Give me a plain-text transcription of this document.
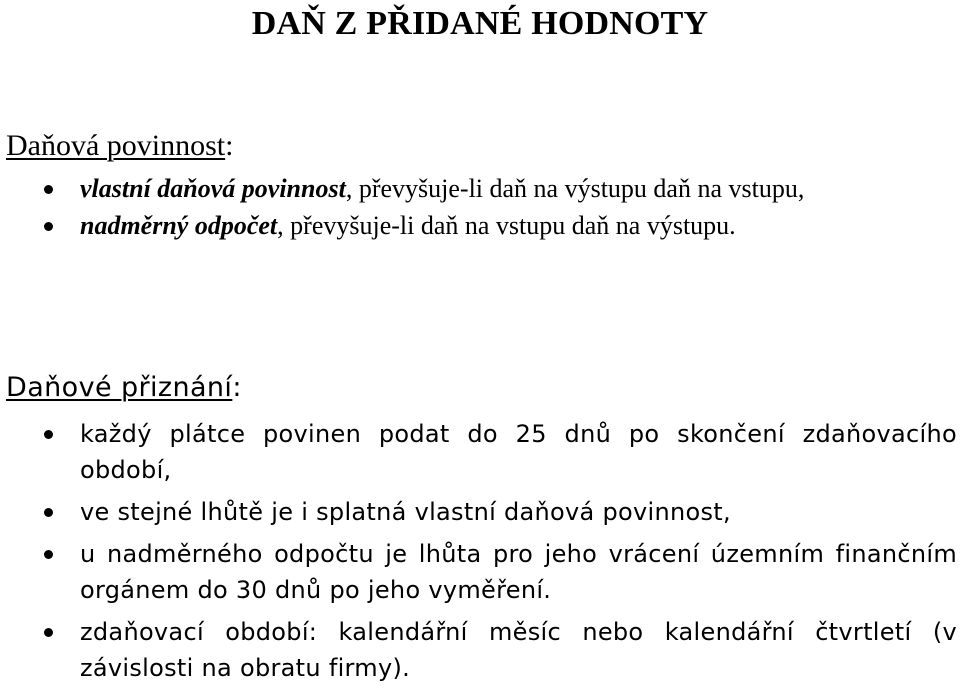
DAŇ Z PŘIDANÉ HODNOTY
Daňová povinnost:
vlastní daňová povinnost, převyšuje-li daň na výstupu daň na vstupu,
nadměrný odpočet, převyšuje-li daň na vstupu daň na výstupu.
Daňové přiznání:
každý plátce povinen podat do 25 dnů po skončení zdaňovacího období,
ve stejné lhůtě je i splatná vlastní daňová povinnost,
u nadměrného odpočtu je lhůta pro jeho vrácení územním finančním orgánem do 30 dnů po jeho vyměření.
zdaňovací období: kalendářní měsíc nebo kalendářní čtvrtletí (v závislosti na obratu firmy).
